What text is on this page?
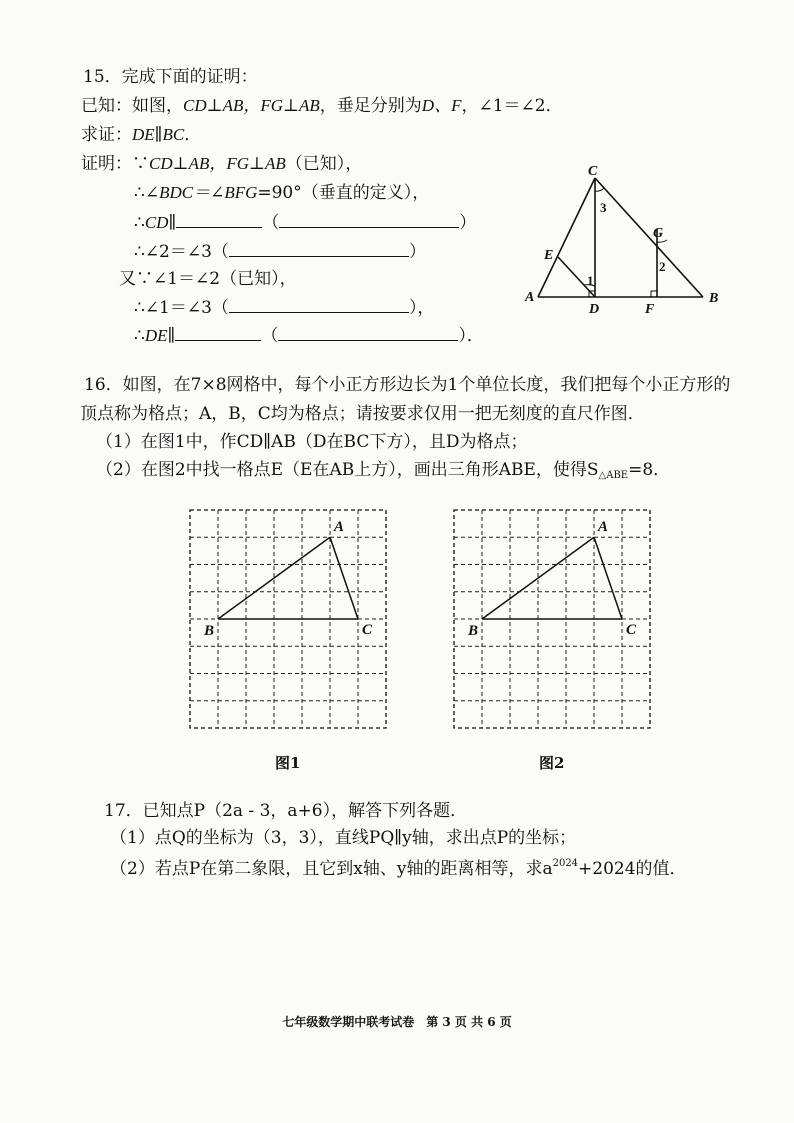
15．完成下面的证明：
已知：如图，CD⊥AB，FG⊥AB，垂足分别为D、F，∠1＝∠2．
求证：DE∥BC．
证明：∵CD⊥AB，FG⊥AB（已知），
∴∠BDC＝∠BFG=90°（垂直的定义），
∴CD∥	（	）
∴∠2＝∠3（	）
又∵∠1＝∠2（已知），
∴∠1＝∠3（	），
∴DE∥	（	）．
C
E
G
A
D	F
B
3
2
1
16．如图，在7×8网格中，每个小正方形边长为1个单位长度，我们把每个小正方形的
顶点称为格点；A，B，C均为格点；请按要求仅用一把无刻度的直尺作图．
（1）在图1中，作CD∥AB（D在BC下方），且D为格点；
（2）在图2中找一格点E（E在AB上方），画出三角形ABE，使得$S_{\triangle ABE}=8$．
A
B	C
图1
A
B	C
图2
17．已知点P（2a - 3，a+6），解答下列各题．
（1）点Q的坐标为（3，3），直线PQ∥y轴，求出点P的坐标；
（2）若点P在第二象限，且它到x轴、y轴的距离相等，求$a^{2024}+2024$的值．
七年级数学期中联考试卷　第 3 页 共 6 页
